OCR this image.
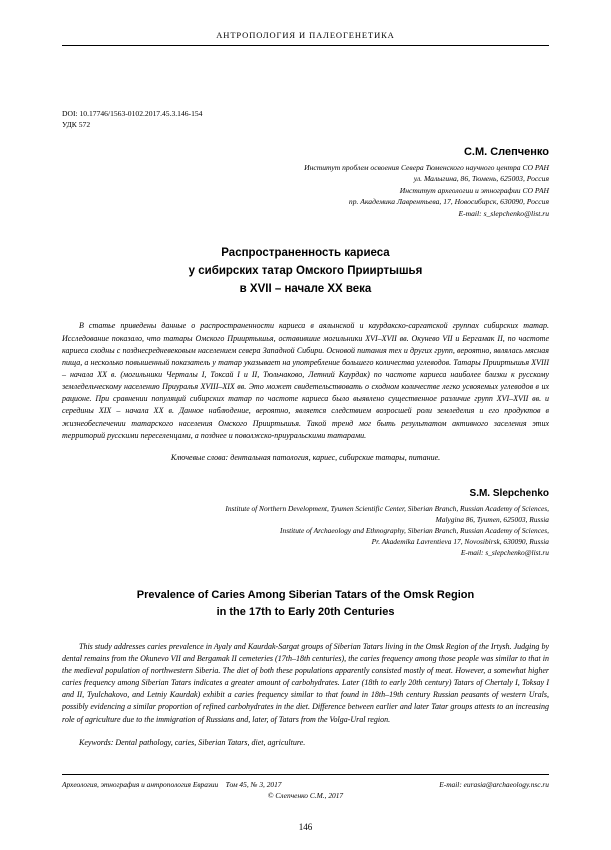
АНТРОПОЛОГИЯ И ПАЛЕОГЕНЕТИКА
DOI: 10.17746/1563-0102.2017.45.3.146-154
УДК 572
С.М. Слепченко
Институт проблем освоения Севера Тюменского научного центра СО РАН
ул. Малыгина, 86, Тюмень, 625003, Россия
Институт археологии и этнографии СО РАН
пр. Академика Лаврентьева, 17, Новосибирск, 630090, Россия
E-mail: s_slepchenko@list.ru
Распространенность кариеса
у сибирских татар Омского Прииртышья
в XVII – начале XX века
В статье приведены данные о распространенности кариеса в аялынской и каурдакско-саргатской группах сибирских татар. Исследование показало, что татары Омского Прииртышья, оставившие могильники XVI–XVII вв. Окунево VII и Бергамак II, по частоте кариеса сходны с позднесредневековым населением севера Западной Сибири. Основой питания тех и других групп, вероятно, являлась мясная пища, а несколько повышенный показатель у татар указывает на употребление большего количества углеводов. Татары Прииртышья XVIII – начала XX в. (могильники Черталы I, Токсай I и II, Тюльчаково, Летний Каурдак) по частоте кариеса наиболее близки к русскому земледельческому населению Приуралья XVIII–XIX вв. Это может свидетельствовать о сходном количестве легко усвояемых углеводов в их рационе. При сравнении популяций сибирских татар по частоте кариеса было выявлено существенное различие групп XVI–XVII вв. и середины XIX – начала XX в. Данное наблюдение, вероятно, является следствием возросшей роли земледелия и его продуктов в жизнеобеспечении татарского населения Омского Прииртышья. Такой тренд мог быть результатом активного заселения этих территорий русскими переселенцами, а позднее и поволжско-приуральскими татарами.
Ключевые слова: дентальная патология, кариес, сибирские татары, питание.
S.M. Slepchenko
Institute of Northern Development, Tyumen Scientific Center, Siberian Branch, Russian Academy of Sciences,
Malygina 86, Tyumen, 625003, Russia
Institute of Archaeology and Ethnography, Siberian Branch, Russian Academy of Sciences,
Pr. Akademika Lavrentieva 17, Novosibirsk, 630090, Russia
E-mail: s_slepchenko@list.ru
Prevalence of Caries Among Siberian Tatars of the Omsk Region
in the 17th to Early 20th Centuries
This study addresses caries prevalence in Ayaly and Kaurdak-Sargat groups of Siberian Tatars living in the Omsk Region of the Irtysh. Judging by dental remains from the Okunevo VII and Bergamak II cemeteries (17th–18th centuries), the caries frequency among those people was similar to that in the medieval population of northwestern Siberia. The diet of both these populations apparently consisted mostly of meat. However, a somewhat higher caries frequency among Siberian Tatars indicates a greater amount of carbohydrates. Later (18th to early 20th century) Tatars of Chertaly I, Toksay I and II, Tyulchakovo, and Letniy Kaurdak) exhibit a caries frequency similar to that found in 18th–19th century Russian peasants of western Urals, possibly evidencing a similar proportion of refined carbohydrates in the diet. Difference between earlier and later Tatar groups attests to an increasing role of agriculture due to the immigration of Russians and, later, of Tatars from the Volga-Ural region.
Keywords: Dental pathology, caries, Siberian Tatars, diet, agriculture.
Археология, этнография и антропология Евразии Том 45, № 3, 2017	E-mail: eurasia@archaeology.nsc.ru
© Слепченко С.М., 2017
146
